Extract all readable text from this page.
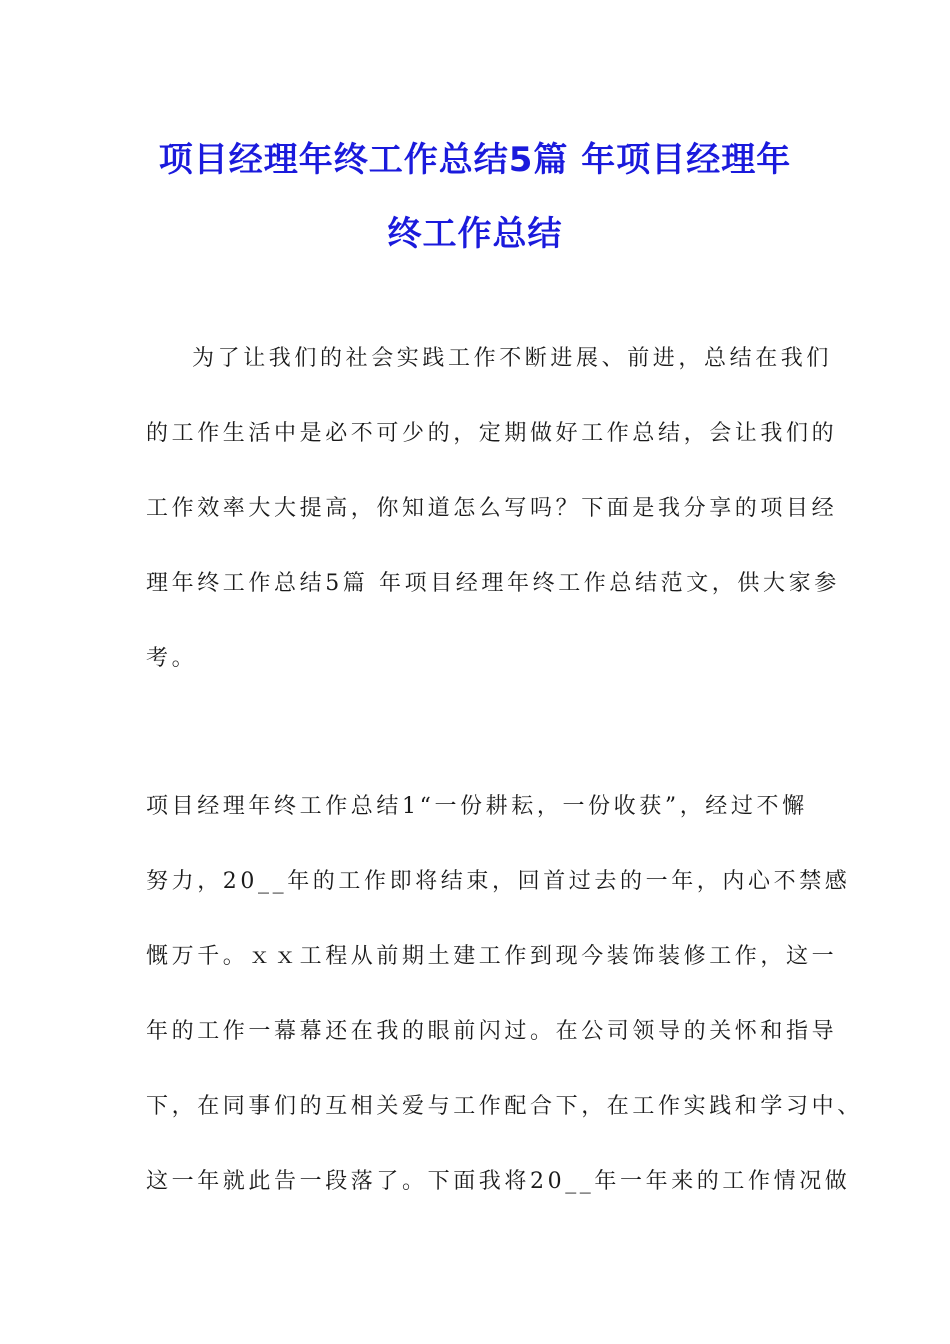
项目经理年终工作总结5篇 年项目经理年
终工作总结
为了让我们的社会实践工作不断进展、前进，总结在我们
的工作生活中是必不可少的，定期做好工作总结，会让我们的
工作效率大大提高，你知道怎么写吗？下面是我分享的项目经
理年终工作总结5篇 年项目经理年终工作总结范文，供大家参
考。
项目经理年终工作总结1“一份耕耘，一份收获”，经过不懈
努力，20__年的工作即将结束，回首过去的一年，内心不禁感
慨万千。ｘｘ工程从前期土建工作到现今装饰装修工作，这一
年的工作一幕幕还在我的眼前闪过。在公司领导的关怀和指导
下，在同事们的互相关爱与工作配合下，在工作实践和学习中、
这一年就此告一段落了。下面我将20__年一年来的工作情况做
